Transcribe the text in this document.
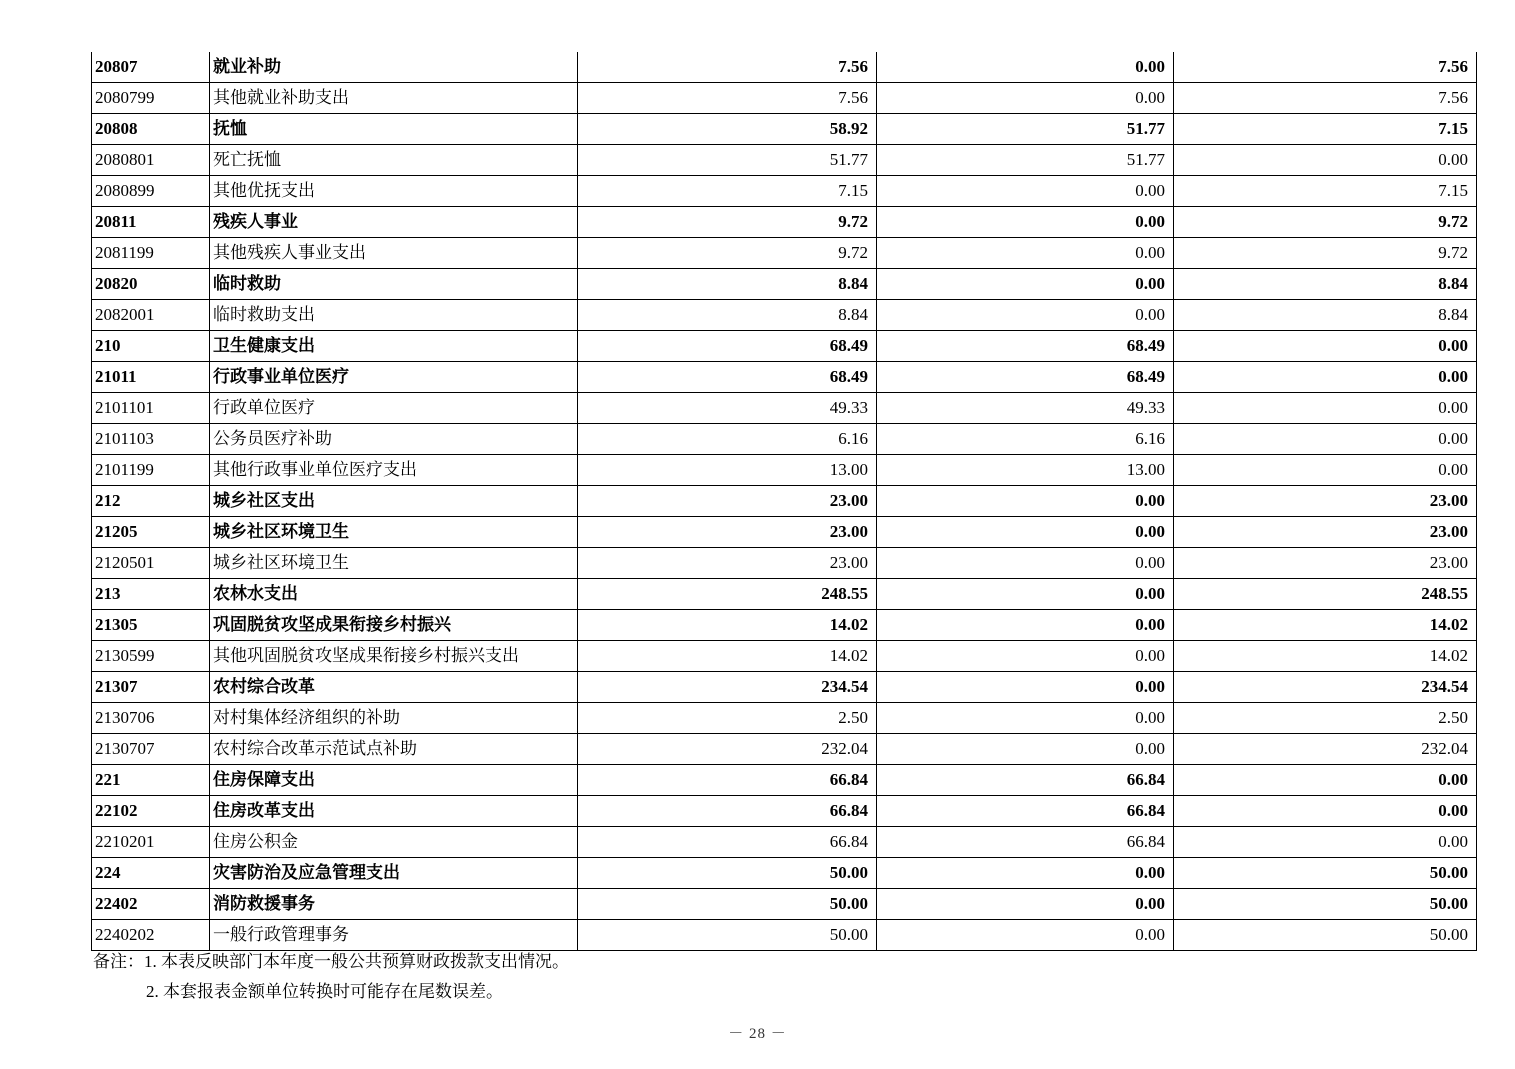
20807	就业补助	7.56	0.00	7.56
2080799	其他就业补助支出	7.56	0.00	7.56
20808	抚恤	58.92	51.77	7.15
2080801	死亡抚恤	51.77	51.77	0.00
2080899	其他优抚支出	7.15	0.00	7.15
20811	残疾人事业	9.72	0.00	9.72
2081199	其他残疾人事业支出	9.72	0.00	9.72
20820	临时救助	8.84	0.00	8.84
2082001	临时救助支出	8.84	0.00	8.84
210	卫生健康支出	68.49	68.49	0.00
21011	行政事业单位医疗	68.49	68.49	0.00
2101101	行政单位医疗	49.33	49.33	0.00
2101103	公务员医疗补助	6.16	6.16	0.00
2101199	其他行政事业单位医疗支出	13.00	13.00	0.00
212	城乡社区支出	23.00	0.00	23.00
21205	城乡社区环境卫生	23.00	0.00	23.00
2120501	城乡社区环境卫生	23.00	0.00	23.00
213	农林水支出	248.55	0.00	248.55
21305	巩固脱贫攻坚成果衔接乡村振兴	14.02	0.00	14.02
2130599	其他巩固脱贫攻坚成果衔接乡村振兴支出	14.02	0.00	14.02
21307	农村综合改革	234.54	0.00	234.54
2130706	对村集体经济组织的补助	2.50	0.00	2.50
2130707	农村综合改革示范试点补助	232.04	0.00	232.04
221	住房保障支出	66.84	66.84	0.00
22102	住房改革支出	66.84	66.84	0.00
2210201	住房公积金	66.84	66.84	0.00
224	灾害防治及应急管理支出	50.00	0.00	50.00
22402	消防救援事务	50.00	0.00	50.00
2240202	一般行政管理事务	50.00	0.00	50.00
备注：1. 本表反映部门本年度一般公共预算财政拨款支出情况。
2. 本套报表金额单位转换时可能存在尾数误差。
－ 28 －
